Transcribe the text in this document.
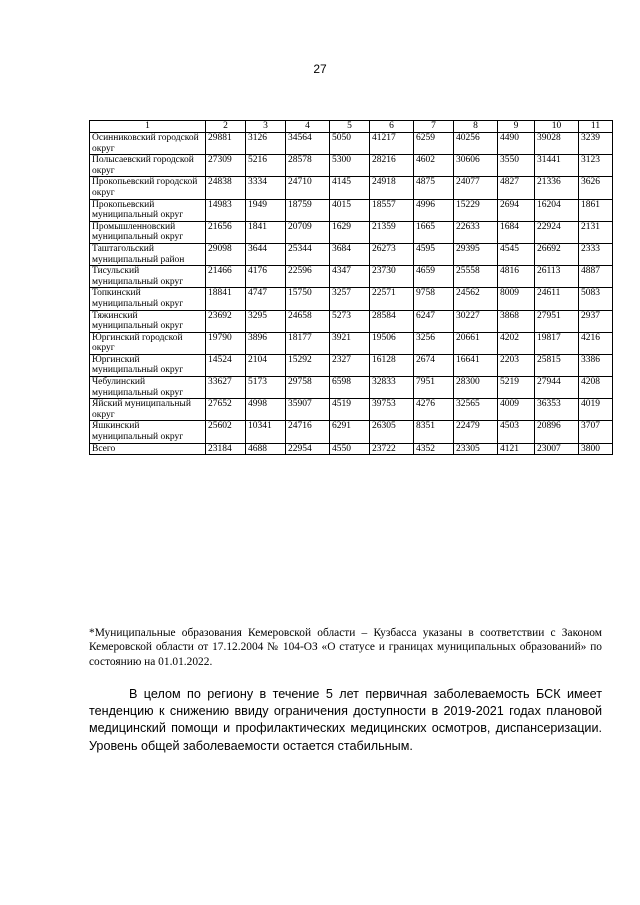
27
1	2	3	4	5	6	7	8	9	10	11
Осинниковский городской округ	29881	3126	34564	5050	41217	6259	40256	4490	39028	3239
Полысаевский городской округ	27309	5216	28578	5300	28216	4602	30606	3550	31441	3123
Прокопьевский городской округ	24838	3334	24710	4145	24918	4875	24077	4827	21336	3626
Прокопьевский муниципальный округ	14983	1949	18759	4015	18557	4996	15229	2694	16204	1861
Промышленновский муниципальный округ	21656	1841	20709	1629	21359	1665	22633	1684	22924	2131
Таштагольский муниципальный район	29098	3644	25344	3684	26273	4595	29395	4545	26692	2333
Тисульский муниципальный округ	21466	4176	22596	4347	23730	4659	25558	4816	26113	4887
Топкинский муниципальный округ	18841	4747	15750	3257	22571	9758	24562	8009	24611	5083
Тяжинский муниципальный округ	23692	3295	24658	5273	28584	6247	30227	3868	27951	2937
Юргинский городской округ	19790	3896	18177	3921	19506	3256	20661	4202	19817	4216
Юргинский муниципальный округ	14524	2104	15292	2327	16128	2674	16641	2203	25815	3386
Чебулинский муниципальный округ	33627	5173	29758	6598	32833	7951	28300	5219	27944	4208
Яйский муниципальный округ	27652	4998	35907	4519	39753	4276	32565	4009	36353	4019
Яшкинский муниципальный округ	25602	10341	24716	6291	26305	8351	22479	4503	20896	3707
Всего	23184	4688	22954	4550	23722	4352	23305	4121	23007	3800
*Муниципальные образования Кемеровской области – Кузбасса указаны в соответствии с Законом Кемеровской области от 17.12.2004 № 104-ОЗ «О статусе и границах муниципальных образований» по состоянию на 01.01.2022.
В целом по региону в течение 5 лет первичная заболеваемость БСК имеет тенденцию к снижению ввиду ограничения доступности в 2019-2021 годах плановой медицинский помощи и профилактических медицинских осмотров, диспансеризации. Уровень общей заболеваемости остается стабильным.
